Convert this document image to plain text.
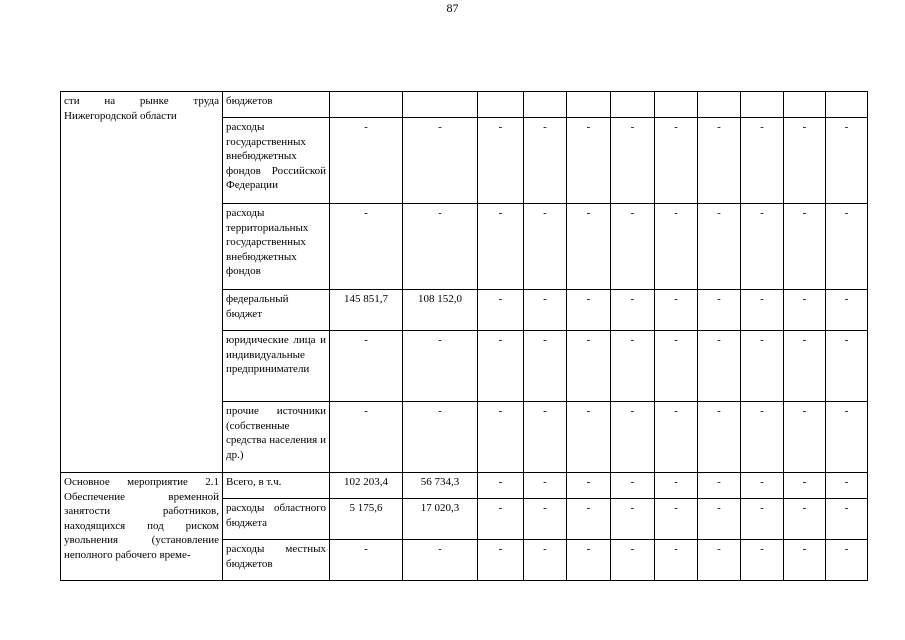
87
сти на рынке труда Нижегородской области	бюджетов											
	расходы государственных внебюджетных фондов Российской Федерации	-	-	-	-	-	-	-	-	-	-	-
	расходы территориальных государственных внебюджетных фондов	-	-	-	-	-	-	-	-	-	-	-
	федеральный бюджет	145 851,7	108 152,0	-	-	-	-	-	-	-	-	-
	юридические лица и индивидуальные предприниматели	-	-	-	-	-	-	-	-	-	-	-
	прочие источники (собственные средства населения и др.)	-	-	-	-	-	-	-	-	-	-	-
Основное мероприятие 2.1 Обеспечение временной занятости работников, находящихся под риском увольнения (установление неполного рабочего време-	Всего, в т.ч.	102 203,4	56 734,3	-	-	-	-	-	-	-	-	-
	расходы областного бюджета	5 175,6	17 020,3	-	-	-	-	-	-	-	-	-
	расходы местных бюджетов	-	-	-	-	-	-	-	-	-	-	-
